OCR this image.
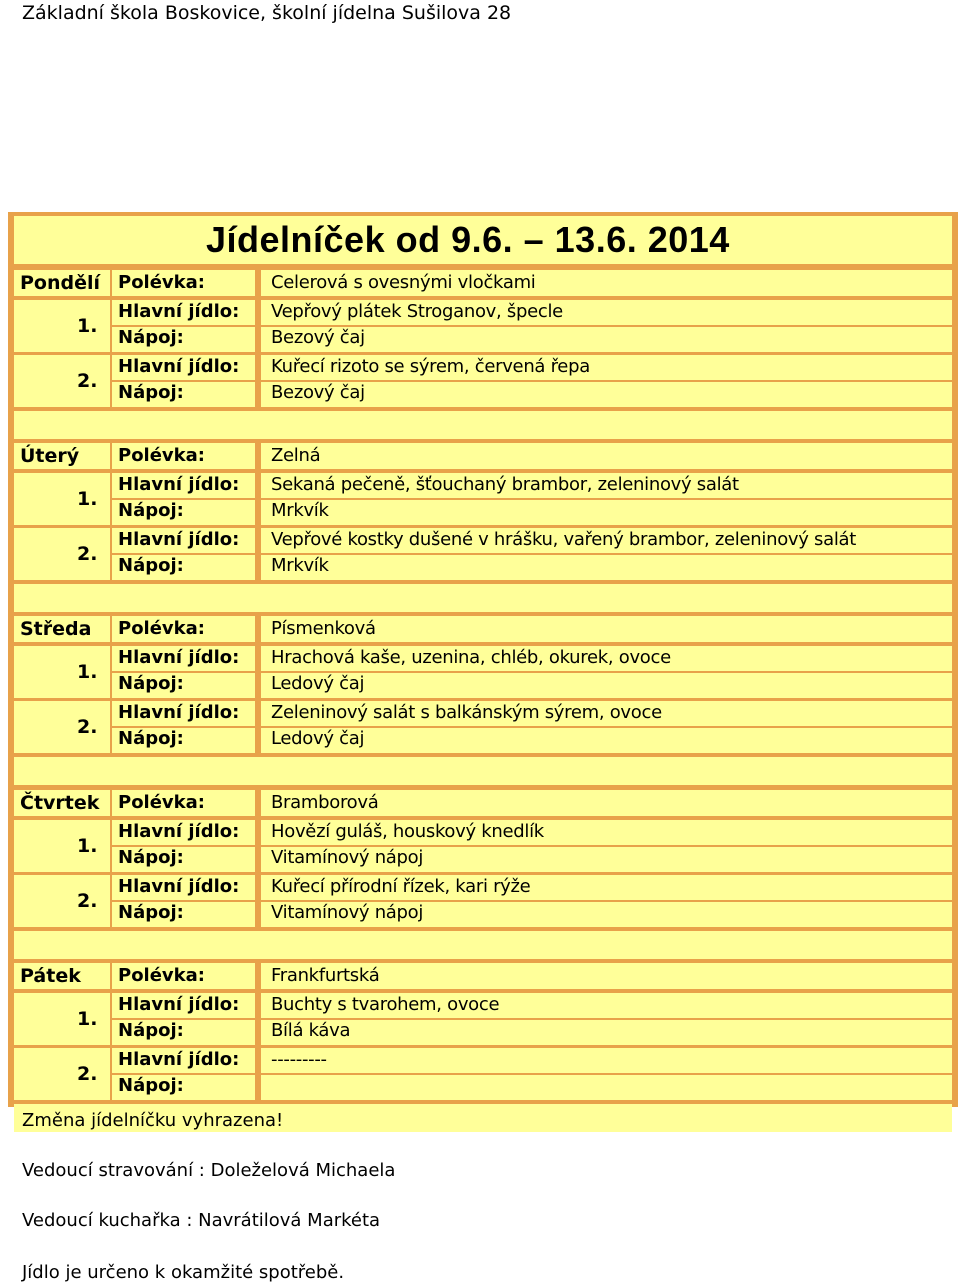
Základní škola Boskovice, školní jídelna Sušilova 28
Jídelníček od 9.6. – 13.6. 2014
Pondělí Polévka:	Celerová s ovesnými vločkami
1.
Hlavní jídlo: Vepřový plátek Stroganov, špecle
Nápoj:	Bezový čaj
2.
Hlavní jídlo: Kuřecí rizoto se sýrem, červená řepa
Nápoj:	Bezový čaj
Úterý Polévka:	Zelná
1.
Hlavní jídlo: Sekaná pečeně, šťouchaný brambor, zeleninový salát
Nápoj:	Mrkvík
2.
Hlavní jídlo: Vepřové kostky dušené v hrášku, vařený brambor, zeleninový salát
Nápoj:	Mrkvík
Středa Polévka:	Písmenková
1.
Hlavní jídlo: Hrachová kaše, uzenina, chléb, okurek, ovoce
Nápoj:	Ledový čaj
2.
Hlavní jídlo: Zeleninový salát s balkánským sýrem, ovoce
Nápoj:	Ledový čaj
Čtvrtek Polévka:	Bramborová
1.
Hlavní jídlo: Hovězí guláš, houskový knedlík
Nápoj:	Vitamínový nápoj
2.
Hlavní jídlo: Kuřecí přírodní řízek, kari rýže
Nápoj:	Vitamínový nápoj
Pátek Polévka:	Frankfurtská
1.
Hlavní jídlo: Buchty s tvarohem, ovoce
Nápoj:	Bílá káva
2.
Hlavní jídlo: ---------
Nápoj:
Změna jídelníčku vyhrazena!
Vedoucí stravování : Doleželová Michaela
Vedoucí kuchařka : Navrátilová Markéta
Jídlo je určeno k okamžité spotřebě.
